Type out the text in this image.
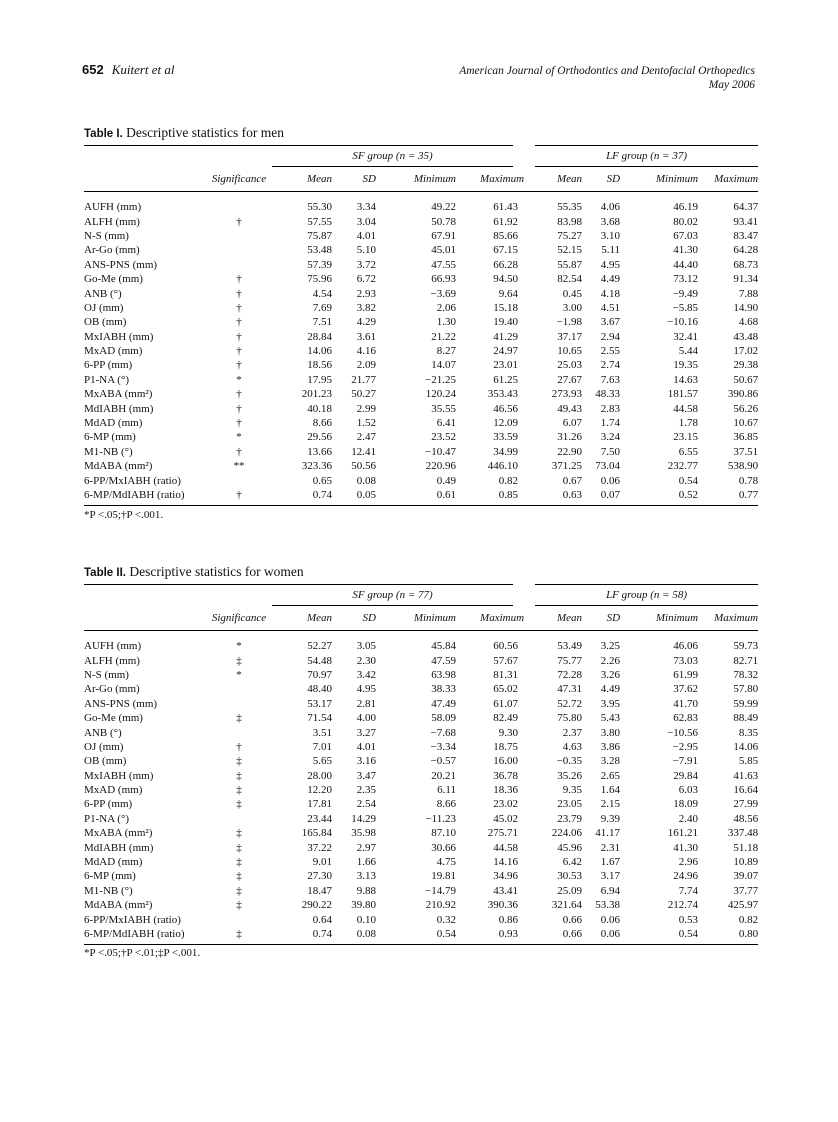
652 Kuitert et al	American Journal of Orthodontics and Dentofacial Orthopedics
May 2006
Table I. Descriptive statistics for men
		SF group (n = 35)				LF group (n = 37)			
	Significance	Mean	SD	Minimum	Maximum	Mean	SD	Minimum	Maximum

AUFH (mm)		55.30	3.34	49.22	61.43	55.35	4.06	46.19	64.37
ALFH (mm)	†	57.55	3.04	50.78	61.92	83.98	3.68	80.02	93.41
N-S (mm)		75.87	4.01	67.91	85.66	75.27	3.10	67.03	83.47
Ar-Go (mm)		53.48	5.10	45.01	67.15	52.15	5.11	41.30	64.28
ANS-PNS (mm)		57.39	3.72	47.55	66.28	55.87	4.95	44.40	68.73
Go-Me (mm)	†	75.96	6.72	66.93	94.50	82.54	4.49	73.12	91.34
ANB (°)	†	4.54	2.93	−3.69	9.64	0.45	4.18	−9.49	7.88
OJ (mm)	†	7.69	3.82	2.06	15.18	3.00	4.51	−5.85	14.90
OB (mm)	†	7.51	4.29	1.30	19.40	−1.98	3.67	−10.16	4.68
MxIABH (mm)	†	28.84	3.61	21.22	41.29	37.17	2.94	32.41	43.48
MxAD (mm)	†	14.06	4.16	8.27	24.97	10.65	2.55	5.44	17.02
6-PP (mm)	†	18.56	2.09	14.07	23.01	25.03	2.74	19.35	29.38
P1-NA (°)	*	17.95	21.77	−21.25	61.25	27.67	7.63	14.63	50.67
MxABA (mm²)	†	201.23	50.27	120.24	353.43	273.93	48.33	181.57	390.86
MdIABH (mm)	†	40.18	2.99	35.55	46.56	49.43	2.83	44.58	56.26
MdAD (mm)	†	8.66	1.52	6.41	12.09	6.07	1.74	1.78	10.67
6-MP (mm)	*	29.56	2.47	23.52	33.59	31.26	3.24	23.15	36.85
M1-NB (°)	†	13.66	12.41	−10.47	34.99	22.90	7.50	6.55	37.51
MdABA (mm²)	**	323.36	50.56	220.96	446.10	371.25	73.04	232.77	538.90
6-PP/MxIABH (ratio)		0.65	0.08	0.49	0.82	0.67	0.06	0.54	0.78
6-MP/MdIABH (ratio)	†	0.74	0.05	0.61	0.85	0.63	0.07	0.52	0.77
*P <.05;†P <.001.
Table II. Descriptive statistics for women
		SF group (n = 77)				LF group (n = 58)			
	Significance	Mean	SD	Minimum	Maximum	Mean	SD	Minimum	Maximum

AUFH (mm)	*	52.27	3.05	45.84	60.56	53.49	3.25	46.06	59.73
ALFH (mm)	‡	54.48	2.30	47.59	57.67	75.77	2.26	73.03	82.71
N-S (mm)	*	70.97	3.42	63.98	81.31	72.28	3.26	61.99	78.32
Ar-Go (mm)		48.40	4.95	38.33	65.02	47.31	4.49	37.62	57.80
ANS-PNS (mm)		53.17	2.81	47.49	61.07	52.72	3.95	41.70	59.99
Go-Me (mm)	‡	71.54	4.00	58.09	82.49	75.80	5.43	62.83	88.49
ANB (°)		3.51	3.27	−7.68	9.30	2.37	3.80	−10.56	8.35
OJ (mm)	†	7.01	4.01	−3.34	18.75	4.63	3.86	−2.95	14.06
OB (mm)	‡	5.65	3.16	−0.57	16.00	−0.35	3.28	−7.91	5.85
MxIABH (mm)	‡	28.00	3.47	20.21	36.78	35.26	2.65	29.84	41.63
MxAD (mm)	‡	12.20	2.35	6.11	18.36	9.35	1.64	6.03	16.64
6-PP (mm)	‡	17.81	2.54	8.66	23.02	23.05	2.15	18.09	27.99
P1-NA (°)		23.44	14.29	−11.23	45.02	23.79	9.39	2.40	48.56
MxABA (mm²)	‡	165.84	35.98	87.10	275.71	224.06	41.17	161.21	337.48
MdIABH (mm)	‡	37.22	2.97	30.66	44.58	45.96	2.31	41.30	51.18
MdAD (mm)	‡	9.01	1.66	4.75	14.16	6.42	1.67	2.96	10.89
6-MP (mm)	‡	27.30	3.13	19.81	34.96	30.53	3.17	24.96	39.07
M1-NB (°)	‡	18.47	9.88	−14.79	43.41	25.09	6.94	7.74	37.77
MdABA (mm²)	‡	290.22	39.80	210.92	390.36	321.64	53.38	212.74	425.97
6-PP/MxIABH (ratio)		0.64	0.10	0.32	0.86	0.66	0.06	0.53	0.82
6-MP/MdIABH (ratio)	‡	0.74	0.08	0.54	0.93	0.66	0.06	0.54	0.80
*P <.05;†P <.01;‡P <.001.
